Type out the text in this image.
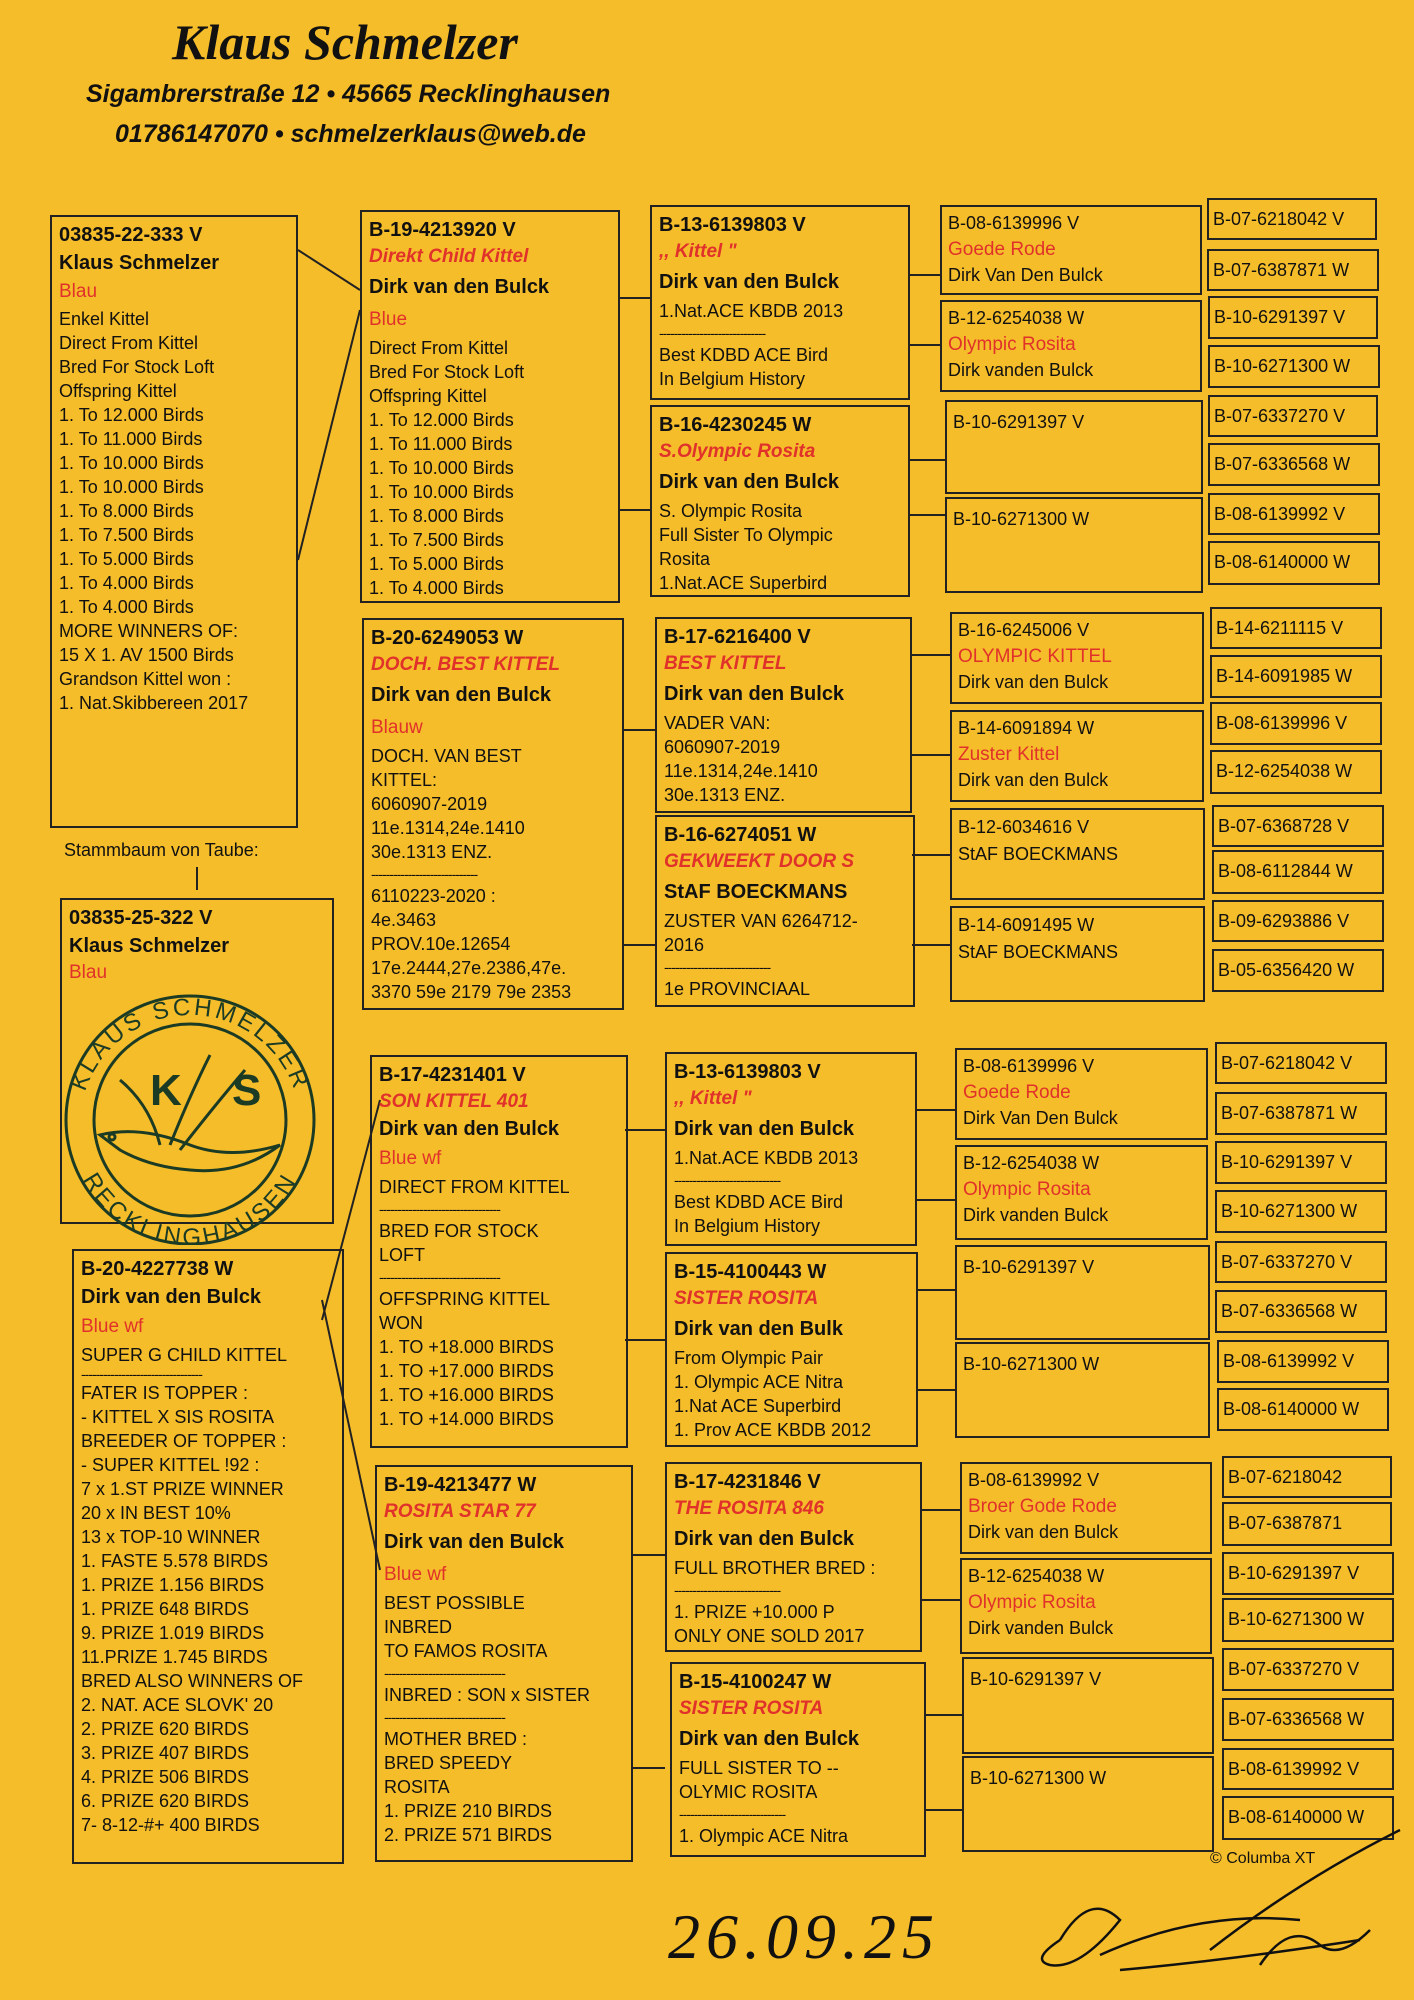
Klaus Schmelzer
Sigambrerstraße 12 • 45665 Recklinghausen
01786147070 • schmelzerklaus@web.de
03835-22-333 V
Klaus Schmelzer
Blau
Enkel Kittel
Direct From Kittel
Bred For Stock Loft
Offspring Kittel
1. To 12.000 Birds
1. To 11.000 Birds
1. To 10.000 Birds
1. To 10.000 Birds
1. To 8.000 Birds
1. To 7.500 Birds
1. To 5.000 Birds
1. To 4.000 Birds
1. To 4.000 Birds
MORE WINNERS OF:
15 X 1. AV 1500 Birds
Grandson Kittel won :
1. Nat.Skibbereen 2017
Stammbaum von Taube:
03835-25-322 V
Klaus Schmelzer
Blau
KLAUS SCHMELZER
RECKLINGHAUSEN
K S
B-20-4227738 W
Dirk van den Bulck
Blue wf
SUPER G CHILD KITTEL
---------------------------------
FATER IS TOPPER :
- KITTEL X SIS ROSITA
BREEDER OF TOPPER :
- SUPER KITTEL !92 :
7 x 1.ST PRIZE WINNER
20 x IN BEST 10%
13 x TOP-10 WINNER
1. FASTE 5.578 BIRDS
1. PRIZE 1.156 BIRDS
1. PRIZE 648 BIRDS
9. PRIZE 1.019 BIRDS
11.PRIZE 1.745 BIRDS
BRED ALSO WINNERS OF
2. NAT. ACE SLOVK' 20
2. PRIZE 620 BIRDS
3. PRIZE 407 BIRDS
4. PRIZE 506 BIRDS
6. PRIZE 620 BIRDS
7- 8-12-#+ 400 BIRDS
B-19-4213920 V
Direkt Child Kittel
Dirk van den Bulck
Blue
Direct From Kittel
Bred For Stock Loft
Offspring Kittel
1. To 12.000 Birds
1. To 11.000 Birds
1. To 10.000 Birds
1. To 10.000 Birds
1. To 8.000 Birds
1. To 7.500 Birds
1. To 5.000 Birds
1. To 4.000 Birds
B-20-6249053 W
DOCH. BEST KITTEL
Dirk van den Bulck
Blauw
DOCH. VAN BEST
KITTEL:
6060907-2019
11e.1314,24e.1410
30e.1313 ENZ.
-----------------------------
6110223-2020 :
4e.3463
PROV.10e.12654
17e.2444,27e.2386,47e.
3370 59e 2179 79e 2353
B-17-4231401 V
SON KITTEL 401
Dirk van den Bulck
Blue wf
DIRECT FROM KITTEL
---------------------------------
BRED FOR STOCK
LOFT
---------------------------------
OFFSPRING KITTEL
WON
1. TO +18.000 BIRDS
1. TO +17.000 BIRDS
1. TO +16.000 BIRDS
1. TO +14.000 BIRDS
B-19-4213477 W
ROSITA STAR 77
Dirk van den Bulck
Blue wf
BEST POSSIBLE
INBRED
TO FAMOS ROSITA
---------------------------------
INBRED : SON x SISTER
---------------------------------
MOTHER BRED :
BRED SPEEDY
ROSITA
1. PRIZE 210 BIRDS
2. PRIZE 571 BIRDS
B-13-6139803 V
,, Kittel "
Dirk van den Bulck
1.Nat.ACE KBDB 2013
-----------------------------
Best KDBD ACE Bird
In Belgium History
B-16-4230245 W
S.Olympic Rosita
Dirk van den Bulck
S. Olympic Rosita
Full Sister To Olympic
Rosita
1.Nat.ACE Superbird
B-17-6216400 V
BEST KITTEL
Dirk van den Bulck
VADER VAN:
6060907-2019
11e.1314,24e.1410
30e.1313 ENZ.
B-16-6274051 W
GEKWEEKT DOOR S
StAF BOECKMANS
ZUSTER VAN 6264712-
2016
-----------------------------
1e PROVINCIAAL
B-13-6139803 V
,, Kittel "
Dirk van den Bulck
1.Nat.ACE KBDB 2013
-----------------------------
Best KDBD ACE Bird
In Belgium History
B-15-4100443 W
SISTER ROSITA
Dirk van den Bulk
From Olympic Pair
1. Olympic ACE Nitra
1.Nat ACE Superbird
1. Prov ACE KBDB 2012
B-17-4231846 V
THE ROSITA 846
Dirk van den Bulck
FULL BROTHER BRED :
-----------------------------
1. PRIZE +10.000 P
ONLY ONE SOLD 2017
B-15-4100247 W
SISTER ROSITA
Dirk van den Bulck
FULL SISTER TO --
OLYMIC ROSITA
-----------------------------
1. Olympic ACE Nitra
B-08-6139996 V
Goede Rode
Dirk Van Den Bulck
B-12-6254038 W
Olympic Rosita
Dirk vanden Bulck
B-10-6291397 V
B-10-6271300 W
B-16-6245006 V
OLYMPIC KITTEL
Dirk van den Bulck
B-14-6091894 W
Zuster Kittel
Dirk van den Bulck
B-12-6034616 V
StAF BOECKMANS
B-14-6091495 W
StAF BOECKMANS
B-08-6139996 V
Goede Rode
Dirk Van Den Bulck
B-12-6254038 W
Olympic Rosita
Dirk vanden Bulck
B-10-6291397 V
B-10-6271300 W
B-08-6139992 V
Broer Gode Rode
Dirk van den Bulck
B-12-6254038 W
Olympic Rosita
Dirk vanden Bulck
B-10-6291397 V
B-10-6271300 W
B-07-6218042 V
B-07-6387871 W
B-10-6291397 V
B-10-6271300 W
B-07-6337270 V
B-07-6336568 W
B-08-6139992 V
B-08-6140000 W
B-14-6211115 V
B-14-6091985 W
B-08-6139996 V
B-12-6254038 W
B-07-6368728 V
B-08-6112844 W
B-09-6293886 V
B-05-6356420 W
B-07-6218042 V
B-07-6387871 W
B-10-6291397 V
B-10-6271300 W
B-07-6337270 V
B-07-6336568 W
B-08-6139992 V
B-08-6140000 W
B-07-6218042
B-07-6387871
B-10-6291397 V
B-10-6271300 W
B-07-6337270 V
B-07-6336568 W
B-08-6139992 V
B-08-6140000 W
© Columba XT
26.09.25
